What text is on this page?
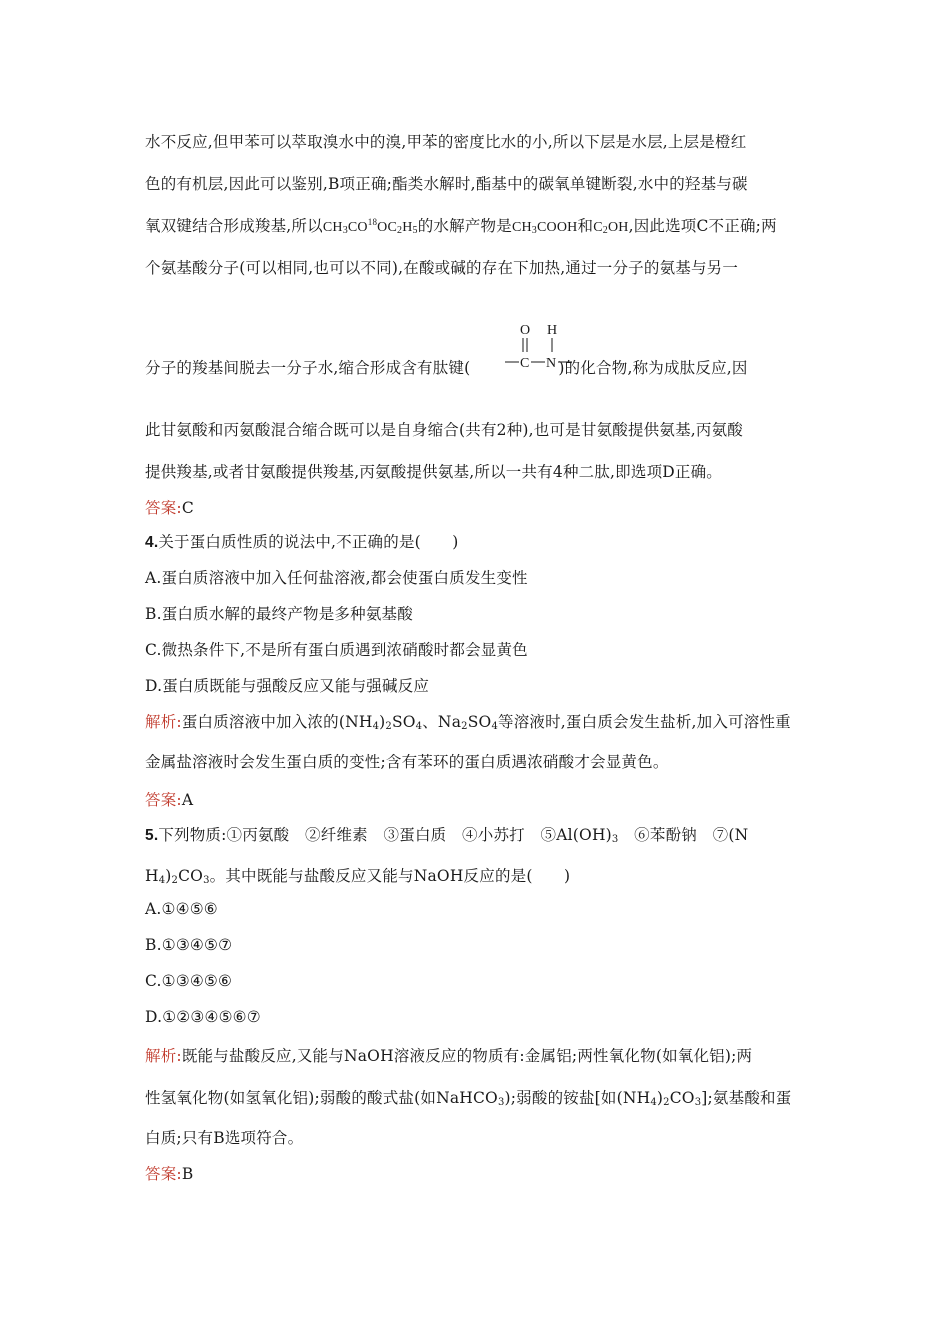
水不反应,但甲苯可以萃取溴水中的溴,甲苯的密度比水的小,所以下层是水层,上层是橙红
色的有机层,因此可以鉴别,B项正确;酯类水解时,酯基中的碳氧单键断裂,水中的羟基与碳
氧双键结合形成羧基,所以$CH_3CO^{18}OC_2H_5$的水解产物是$CH_3COOH$和$C_2OH$,因此选项C不正确;两
个氨基酸分子(可以相同,也可以不同),在酸或碱的存在下加热,通过一分子的氨基与另一
分子的羧基间脱去一分子水,缩合形成含有肽键(	)的化合物,称为成肽反应,因
O H
C N
此甘氨酸和丙氨酸混合缩合既可以是自身缩合(共有2种),也可是甘氨酸提供氨基,丙氨酸
提供羧基,或者甘氨酸提供羧基,丙氨酸提供氨基,所以一共有4种二肽,即选项D正确。
答案:C
4.关于蛋白质性质的说法中,不正确的是(　　)
A.蛋白质溶液中加入任何盐溶液,都会使蛋白质发生变性
B.蛋白质水解的最终产物是多种氨基酸
C.微热条件下,不是所有蛋白质遇到浓硝酸时都会显黄色
D.蛋白质既能与强酸反应又能与强碱反应
解析:蛋白质溶液中加入浓的$(NH_4)_2SO_4$、$Na_2SO_4$等溶液时,蛋白质会发生盐析,加入可溶性重
金属盐溶液时会发生蛋白质的变性;含有苯环的蛋白质遇浓硝酸才会显黄色。
答案:A
5.下列物质:①丙氨酸　②纤维素　③蛋白质　④小苏打　$⑤Al(OH)_3$　⑥苯酚钠　⑦(N
$H_4)_2CO_3$。其中既能与盐酸反应又能与NaOH反应的是(　　)
A.①④⑤⑥
B.①③④⑤⑦
C.①③④⑤⑥
D.①②③④⑤⑥⑦
解析:既能与盐酸反应,又能与NaOH溶液反应的物质有:金属铝;两性氧化物(如氧化铝);两
性氢氧化物(如氢氧化铝);弱酸的酸式盐(如NaHCO$_3$);弱酸的铵盐[如$(NH_4)_2CO_3$];氨基酸和蛋
白质;只有B选项符合。
答案:B
